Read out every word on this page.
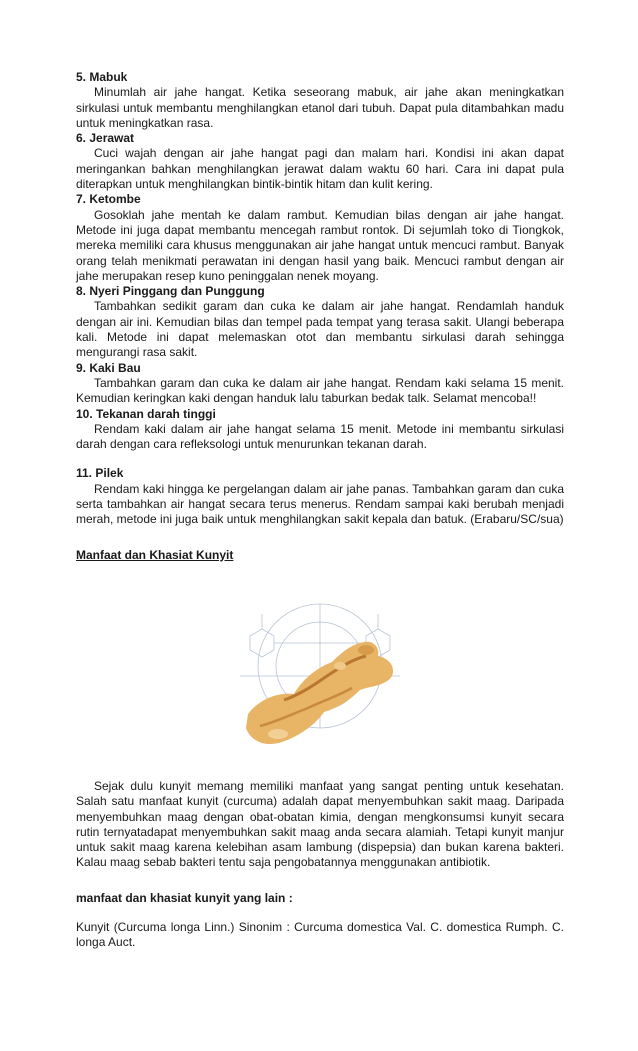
5. Mabuk

Minumlah air jahe hangat. Ketika seseorang mabuk, air jahe akan meningkatkan sirkulasi untuk membantu menghilangkan etanol dari tubuh. Dapat pula ditambahkan madu untuk meningkatkan rasa.

6. Jerawat

Cuci wajah dengan air jahe hangat pagi dan malam hari. Kondisi ini akan dapat meringankan bahkan menghilangkan jerawat dalam waktu 60 hari. Cara ini dapat pula diterapkan untuk menghilangkan bintik-bintik hitam dan kulit kering.

7. Ketombe

Gosoklah jahe mentah ke dalam rambut. Kemudian bilas dengan air jahe hangat. Metode ini juga dapat membantu mencegah rambut rontok. Di sejumlah toko di Tiongkok, mereka memiliki cara khusus menggunakan air jahe hangat untuk mencuci rambut. Banyak orang telah menikmati perawatan ini dengan hasil yang baik. Mencuci rambut dengan air jahe merupakan resep kuno peninggalan nenek moyang.

8. Nyeri Pinggang dan Punggung

Tambahkan sedikit garam dan cuka ke dalam air jahe hangat. Rendamlah handuk dengan air ini. Kemudian bilas dan tempel pada tempat yang terasa sakit. Ulangi beberapa kali. Metode ini dapat melemaskan otot dan membantu sirkulasi darah sehingga mengurangi rasa sakit.

9. Kaki Bau

Tambahkan garam dan cuka ke dalam air jahe hangat. Rendam kaki selama 15 menit. Kemudian keringkan kaki dengan handuk lalu taburkan bedak talk. Selamat mencoba!!

10. Tekanan darah tinggi

Rendam kaki dalam air jahe hangat selama 15 menit. Metode ini membantu sirkulasi darah dengan cara refleksologi untuk menurunkan tekanan darah.

11. Pilek

Rendam kaki hingga ke pergelangan dalam air jahe panas. Tambahkan garam dan cuka serta tambahkan air hangat secara terus menerus. Rendam sampai kaki berubah menjadi merah, metode ini juga baik untuk menghilangkan sakit kepala dan batuk. (Erabaru/SC/sua)

Manfaat dan Khasiat Kunyit

Sejak dulu kunyit memang memiliki manfaat yang sangat penting untuk kesehatan. Salah satu manfaat kunyit (curcuma) adalah dapat menyembuhkan sakit maag. Daripada menyembuhkan maag dengan obat-obatan kimia, dengan mengkonsumsi kunyit secara rutin ternyatadapat menyembuhkan sakit maag anda secara alamiah. Tetapi kunyit manjur untuk sakit maag karena kelebihan asam lambung (dispepsia) dan bukan karena bakteri. Kalau maag sebab bakteri tentu saja pengobatannya menggunakan antibiotik.

manfaat dan khasiat kunyit yang lain :

Kunyit (Curcuma longa Linn.) Sinonim : Curcuma domestica Val. C. domestica Rumph. C. longa Auct.
